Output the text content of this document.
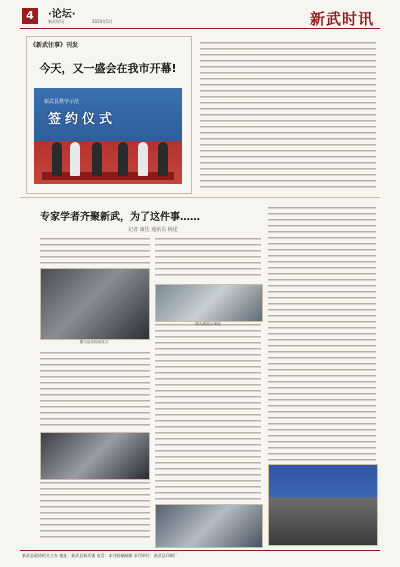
4	·论坛·
新武时讯	2020年5月	新武时讯
《新武往事》刊发
今天，又一盛会在我市开幕!
新武县教学示范
签约仪式
专家学者齐聚新武，为了这件事……
记者 康达 通讯员 杨述
图为活动现场发言
图为展览会现场
新武县政协机关主办 地址：新武县新武镇 电话：本刊投稿邮箱 承印单位：新武县印刷厂
